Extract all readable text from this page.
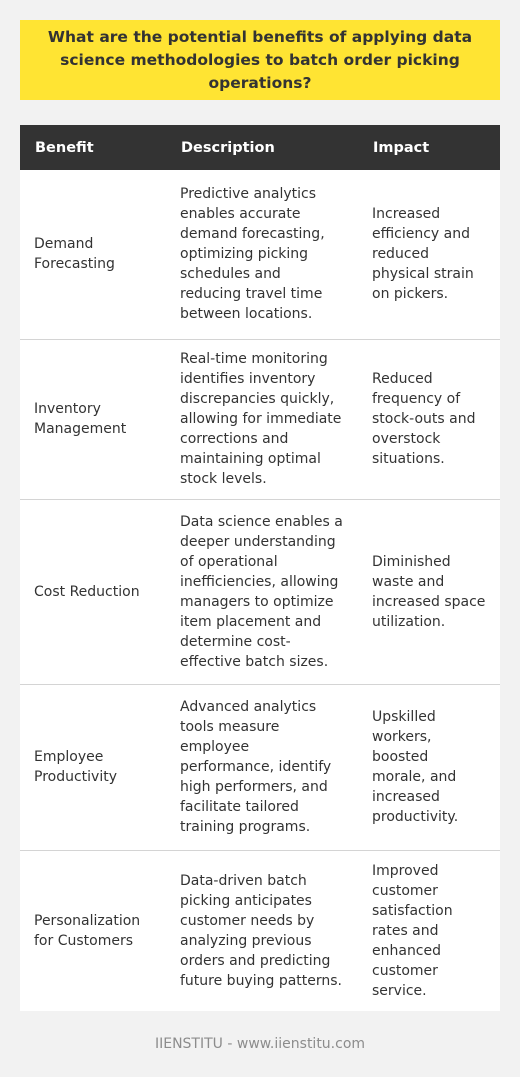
What are the potential benefits of applying data science methodologies to batch order picking operations?
Benefit	Description	Impact
Demand Forecasting	Predictive analytics enables accurate demand forecasting, optimizing picking schedules and reducing travel time between locations.	Increased efficiency and reduced physical strain on pickers.
Inventory Management	Real-time monitoring identifies inventory discrepancies quickly, allowing for immediate corrections and maintaining optimal stock levels.	Reduced frequency of stock-outs and overstock situations.
Cost Reduction	Data science enables a deeper understanding of operational inefficiencies, allowing managers to optimize item placement and determine cost-effective batch sizes.	Diminished waste and increased space utilization.
Employee Productivity	Advanced analytics tools measure employee performance, identify high performers, and facilitate tailored training programs.	Upskilled workers, boosted morale, and increased productivity.
Personalization for Customers	Data-driven batch picking anticipates customer needs by analyzing previous orders and predicting future buying patterns.	Improved customer satisfaction rates and enhanced customer service.
IIENSTITU - www.iienstitu.com
